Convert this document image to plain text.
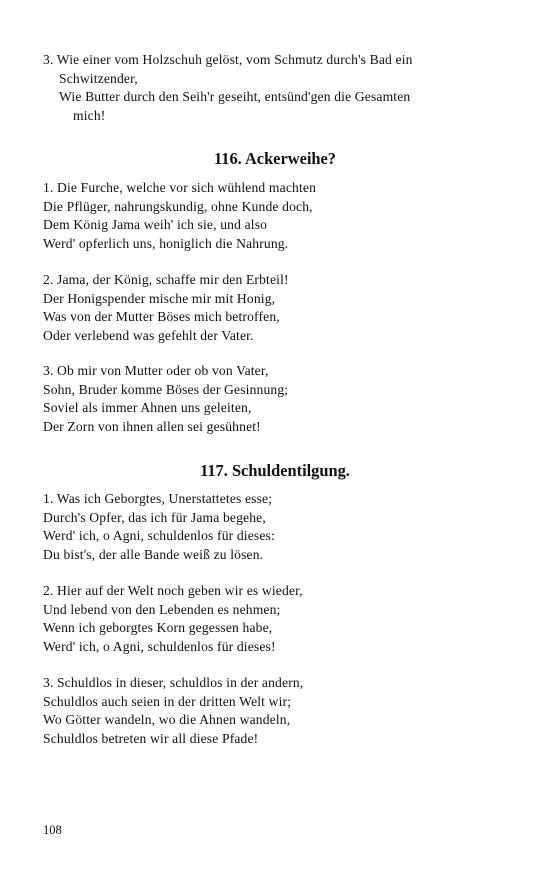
3. Wie einer vom Holzschuh gelöst, vom Schmutz durch's Bad ein
Schwitzender,
Wie Butter durch den Seih'r geseiht, entsünd'gen die Gesamten
mich!
116. Ackerweihe?
1. Die Furche, welche vor sich wühlend machten
Die Pflüger, nahrungskundig, ohne Kunde doch,
Dem König Jama weih' ich sie, und also
Werd' opferlich uns, honiglich die Nahrung.
2. Jama, der König, schaffe mir den Erbteil!
Der Honigspender mische mir mit Honig,
Was von der Mutter Böses mich betroffen,
Oder verlebend was gefehlt der Vater.
3. Ob mir von Mutter oder ob von Vater,
Sohn, Bruder komme Böses der Gesinnung;
Soviel als immer Ahnen uns geleiten,
Der Zorn von ihnen allen sei gesühnet!
117. Schuldentilgung.
1. Was ich Geborgtes, Unerstattetes esse;
Durch's Opfer, das ich für Jama begehe,
Werd' ich, o Agni, schuldenlos für dieses:
Du bist's, der alle Bande weiß zu lösen.
2. Hier auf der Welt noch geben wir es wieder,
Und lebend von den Lebenden es nehmen;
Wenn ich geborgtes Korn gegessen habe,
Werd' ich, o Agni, schuldenlos für dieses!
3. Schuldlos in dieser, schuldlos in der andern,
Schuldlos auch seien in der dritten Welt wir;
Wo Götter wandeln, wo die Ahnen wandeln,
Schuldlos betreten wir all diese Pfade!
108
